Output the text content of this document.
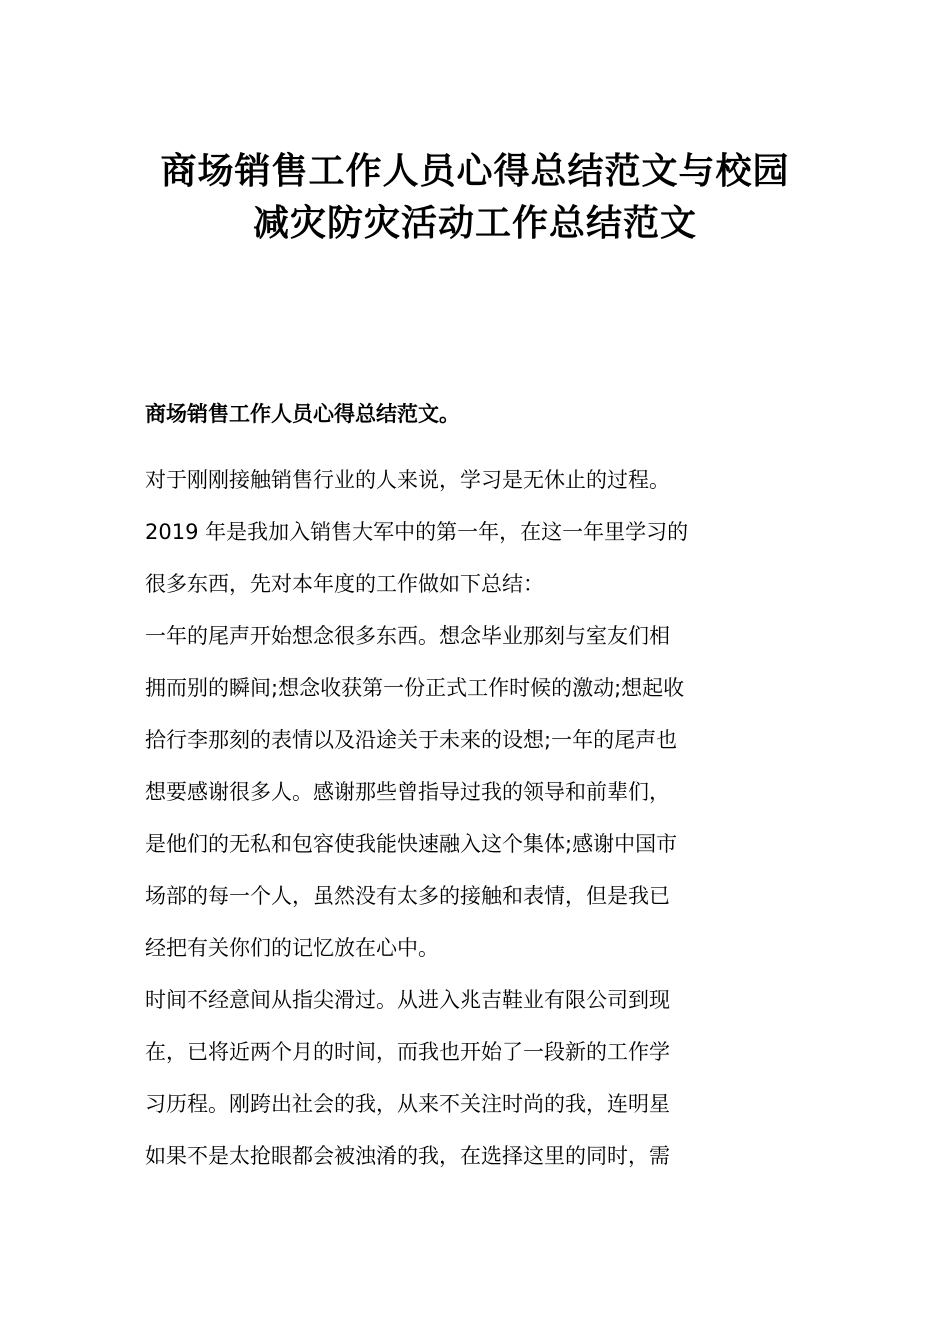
商场销售工作人员心得总结范文与校园
减灾防灾活动工作总结范文
商场销售工作人员心得总结范文。
对于刚刚接触销售行业的人来说，学习是无休止的过程。
2019 年是我加入销售大军中的第一年，在这一年里学习的
很多东西，先对本年度的工作做如下总结：
一年的尾声开始想念很多东西。想念毕业那刻与室友们相
拥而别的瞬间;想念收获第一份正式工作时候的激动;想起收
拾行李那刻的表情以及沿途关于未来的设想;一年的尾声也
想要感谢很多人。感谢那些曾指导过我的领导和前辈们，
是他们的无私和包容使我能快速融入这个集体;感谢中国市
场部的每一个人，虽然没有太多的接触和表情，但是我已
经把有关你们的记忆放在心中。
时间不经意间从指尖滑过。从进入兆吉鞋业有限公司到现
在，已将近两个月的时间，而我也开始了一段新的工作学
习历程。刚跨出社会的我，从来不关注时尚的我，连明星
如果不是太抢眼都会被浊淆的我，在选择这里的同时，需
